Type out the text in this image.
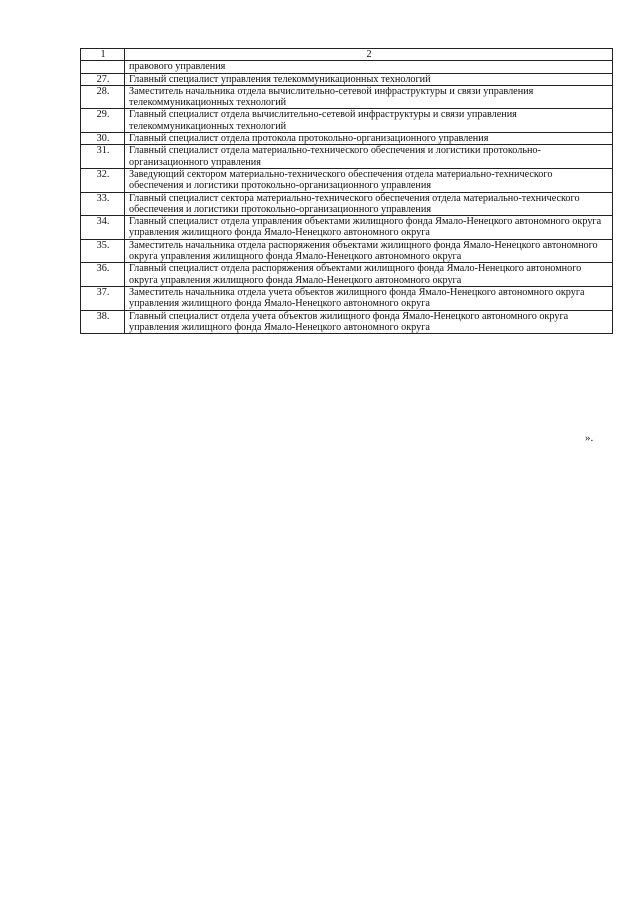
1	2
	правового управления
27.	Главный специалист управления телекоммуникационных технологий
28.	Заместитель начальника отдела вычислительно-сетевой инфраструктуры и связи управления телекоммуникационных технологий
29.	Главный специалист отдела вычислительно-сетевой инфраструктуры и связи управления телекоммуникационных технологий
30.	Главный специалист отдела протокола протокольно-организационного управления
31.	Главный специалист отдела материально-технического обеспечения и логистики протокольно-организационного управления
32.	Заведующий сектором материально-технического обеспечения отдела материально-технического обеспечения и логистики протокольно-организационного управления
33.	Главный специалист сектора материально-технического обеспечения отдела материально-технического обеспечения и логистики протокольно-организационного управления
34.	Главный специалист отдела управления объектами жилищного фонда Ямало-Ненецкого автономного округа управления жилищного фонда Ямало-Ненецкого автономного округа
35.	Заместитель начальника отдела распоряжения объектами жилищного фонда Ямало-Ненецкого автономного округа управления жилищного фонда Ямало-Ненецкого автономного округа
36.	Главный специалист отдела распоряжения объектами жилищного фонда Ямало-Ненецкого автономного округа управления жилищного фонда Ямало-Ненецкого автономного округа
37.	Заместитель начальника отдела учета объектов жилищного фонда Ямало-Ненецкого автономного округа управления жилищного фонда Ямало-Ненецкого автономного округа
38.	Главный специалист отдела учета объектов жилищного фонда Ямало-Ненецкого автономного округа управления жилищного фонда Ямало-Ненецкого автономного округа
».
